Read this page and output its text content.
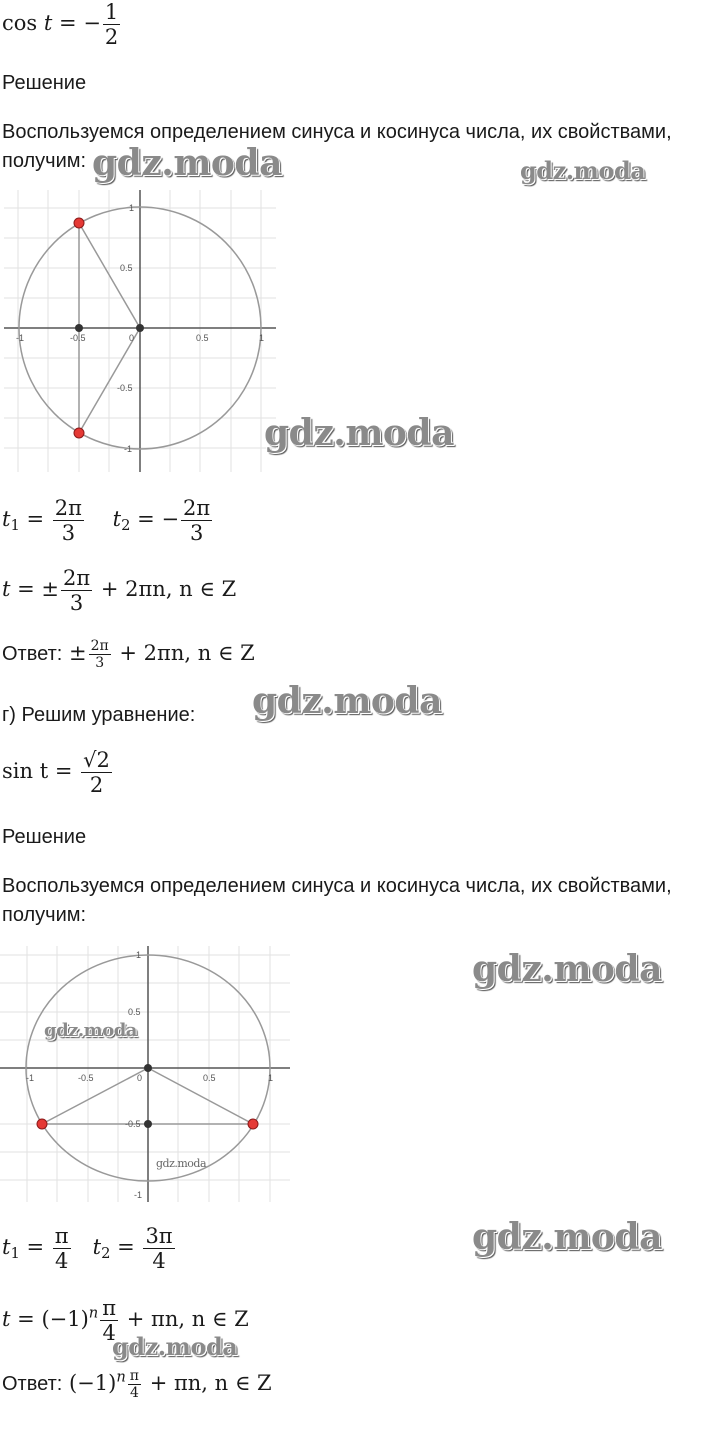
cos t = − $\frac{1}{2}$
Решение
Воспользуемся определением синуса и косинуса числа, их свойствами,
получим: gdz.moda	gdz.moda
-1	-0.5	0	0.5	1
1
0.5
-0.5
-1	gdz.moda
$t_1 = \frac{2\pi}{3} t_2$ = − $\frac{2\pi}{3}$
t = ± $\frac{2\pi}{3} + 2\pi n$, n ∈ Z
Ответ: ± $\frac{2\pi}{3} + 2\pi n$, n ∈ Z
г) Решим уравнение: gdz.moda
$\sin t = \frac{√2}{2}$
Решение
Воспользуемся определением синуса и косинуса числа, их свойствами,
получим:
-1	-0.5	0	0.5	1
1
0.5
-0.5
-1
gdz.moda
gdz.moda
gdz.moda
$t_1 = \frac{\pi}{4} t_2 = \frac{3\pi}{4}$	gdz.moda
$t = (-1)^n \frac{\pi}{4} + \pi n$, n ∈ Z
gdz.moda
Ответ: $(-1)^n \frac{\pi}{4} + \pi n$, n ∈ Z
